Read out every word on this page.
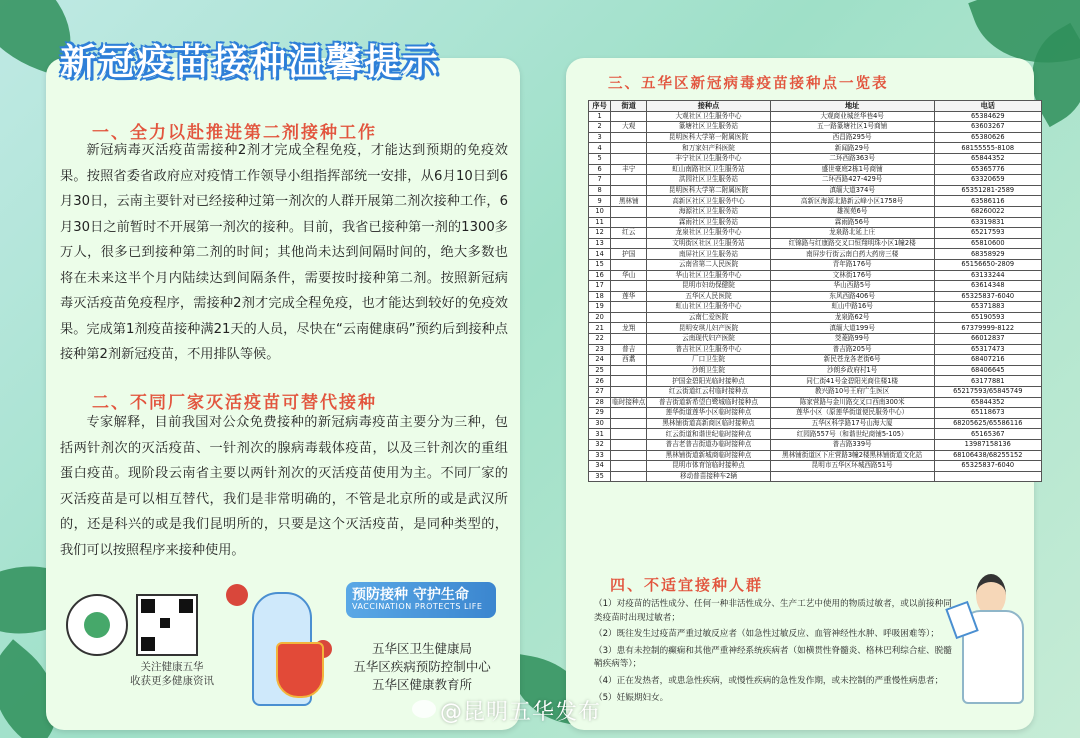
新冠疫苗接种温馨提示
一、全力以赴推进第二剂接种工作

新冠病毒灭活疫苗需接种2剂才完成全程免疫，才能达到预期的免疫效果。按照省委省政府应对疫情工作领导小组指挥部统一安排，从6月10日到6月30日，云南主要针对已经接种过第一剂次的人群开展第二剂次接种工作，6月30日之前暂时不开展第一剂次的接种。目前，我省已接种第一剂的1300多万人，很多已到接种第二剂的时间；其他尚未达到间隔时间的，绝大多数也将在未来这半个月内陆续达到间隔条件，需要按时接种第二剂。按照新冠病毒灭活疫苗免疫程序，需接种2剂才完成全程免疫，也才能达到较好的免疫效果。完成第1剂疫苗接种满21天的人员，尽快在“云南健康码”预约后到接种点接种第2剂新冠疫苗，不用排队等候。

二、不同厂家灭活疫苗可替代接种

专家解释，目前我国对公众免费接种的新冠病毒疫苗主要分为三种，包括两针剂次的灭活疫苗、一针剂次的腺病毒载体疫苗，以及三针剂次的重组蛋白疫苗。现阶段云南省主要以两针剂次的灭活疫苗使用为主。不同厂家的灭活疫苗是可以相互替代，我们是非常明确的，不管是北京所的或是武汉所的，还是科兴的或是我们昆明所的，只要是这个灭活疫苗，是同种类型的，我们可以按照程序来接种使用。

关注健康五华
收获更多健康资讯
预防接种 守护生命
VACCINATION PROTECTS LIFE
五华区卫生健康局
五华区疾病预防控制中心
五华区健康教育所
三、五华区新冠病毒疫苗接种点一览表
序号	街道	接种点	地址	电话
1		大观社区卫生服务中心	大观商业城丝华巷4号	65384629
2	大观	篆塘社区卫生服务站	五一路篆塘社区1号商铺	63603267
3		昆明医科大学第一附属医院	西昌路295号	65380626
4		和万家妇产科医院	新闻路29号	68155555-8108
5		丰宁社区卫生服务中心	二环西路363号	65844352
6	丰宁	虹山南路社区卫生服务站	盛世豪庭2栋1号商铺	65365776
7		洪园社区卫生服务站	二环西路427-429号	63320659
8		昆明医科大学第二附属医院	滇缅大道374号	65351281-2589
9	黑林铺	高新区社区卫生服务中心	高新区海源北路新云峰小区1758号	63586116
10		海源社区卫生服务站	雄视苑6号	68260022
11		霖雨社区卫生服务站	霖雨路56号	63319831
12	红云	龙泉社区卫生服务中心	龙泉路北延上庄	65217593
13		文明街区社区卫生服务站	红锦路与红康路交叉口恒翔明珠小区1幢2楼	65810600
14	护国	南屏社区卫生服务站	南屏步行街云南白药大药房三楼	68358929
15		云南省第二人民医院	青年路176号	65156650-2809
16	华山	华山社区卫生服务中心	文林街176号	63133244
17		昆明市妇幼保健院	华山西路5号	63614348
18	莲华	五华区人民医院	东风西路406号	65325837-6040
19		虹山社区卫生服务中心	虹山中路16号	65371883
20		云南仁爱医院	龙泉路62号	65190593
21	龙翔	昆明安琪儿妇产医院	滇缅大道199号	67379999-8122
22		云南现代妇产医院	茭菱路99号	66012837
23	普吉	普吉社区卫生服务中心	普吉路205号	65317473
24	西翥	厂口卫生院	新民苍龙各老街6号	68407216
25		沙朗卫生院	沙朗乡政府村1号	68406645
26		护国金碧阳光临时接种点	同仁街41号金碧阳光商住楼1楼	63177881
27		红云街道红云村临时接种点	教兴路10号王府广生医区	65217593/65845749
28	临时接种点	普吉街道新希望白鹭城临时接种点	陈家营路与金川路交叉口西南300米	65844352
29		莲华街道莲华小区临时接种点	莲华小区（原莲华街道便民服务中心）	65118673
30		黑林铺街道高新商区临时接种点	五华区科学路17号山海大厦	68205625/65586116
31		红云街道和谐世纪临时接种点	红园路557号（和谐世纪商铺5-105）	65165367
32		普吉老普吉街道办临时接种点	普吉路339号	13987158136
33		黑林铺街道新城商临时接种点	黑林铺街道区下庄营路3幢2楼黑林铺街道文化站	68106438/68255152
34		昆明市体育馆临时接种点	昆明市五华区环城西路51号	65325837-6040
35		移动普苗接种车2辆		
四、不适宜接种人群

（1）对疫苗的活性成分、任何一种非活性成分、生产工艺中使用的物质过敏者，或以前接种同类疫苗时出现过敏者；

（2）既往发生过疫苗严重过敏反应者（如急性过敏反应、血管神经性水肿、呼吸困难等）；

（3）患有未控制的癫痫和其他严重神经系统疾病者（如横贯性脊髓炎、格林巴利综合症、脱髓鞘疾病等）；

（4）正在发热者，或患急性疾病，或慢性疾病的急性发作期，或未控制的严重慢性病患者；

（5）妊娠期妇女。

@昆明五华发布
